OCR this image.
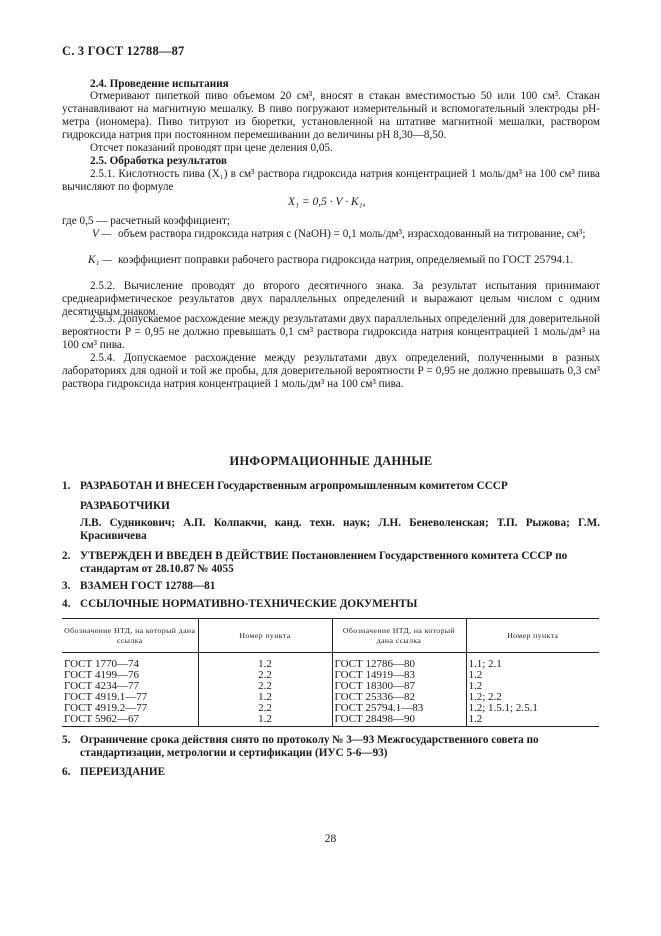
С. 3 ГОСТ 12788—87
2.4. Проведение испытания
Отмеривают пипеткой пиво объемом 20 см³, вносят в стакан вместимостью 50 или 100 см³. Стакан устанавливают на магнитную мешалку. В пиво погружают измерительный и вспомогательный электроды pH-метра (иономера). Пиво титруют из бюретки, установленной на штативе магнитной мешалки, раствором гидроксида натрия при постоянном перемешивании до величины pH 8,30—8,50.
Отсчет показаний проводят при цене деления 0,05.
2.5. Обработка результатов
2.5.1. Кислотность пива (X₁) в см³ раствора гидроксида натрия концентрацией 1 моль/дм³ на 100 см³ пива вычисляют по формуле
X₁ = 0,5 · V · K₁,
где 0,5 — расчетный коэффициент;
V — объем раствора гидроксида натрия с (NaOH) = 0,1 моль/дм³, израсходованный на титрование, см³;
K₁ — коэффициент поправки рабочего раствора гидроксида натрия, определяемый по ГОСТ 25794.1.
2.5.2. Вычисление проводят до второго десятичного знака. За результат испытания принимают среднеарифметическое результатов двух параллельных определений и выражают целым числом с одним десятичным знаком.
2.5.3. Допускаемое расхождение между результатами двух параллельных определений для доверительной вероятности P = 0,95 не должно превышать 0,1 см³ раствора гидроксида натрия концентрацией 1 моль/дм³ на 100 см³ пива.
2.5.4. Допускаемое расхождение между результатами двух определений, полученными в разных лабораториях для одной и той же пробы, для доверительной вероятности P = 0,95 не должно превышать 0,3 см³ раствора гидроксида натрия концентрацией 1 моль/дм³ на 100 см³ пива.
ИНФОРМАЦИОННЫЕ ДАННЫЕ
1. РАЗРАБОТАН И ВНЕСЕН Государственным агропромышленным комитетом СССР
РАЗРАБОТЧИКИ
Л.В. Судникович; А.П. Колпакчи, канд. техн. наук; Л.Н. Беневоленская; Т.П. Рыжова; Г.М. Красивичева
2. УТВЕРЖДЕН И ВВЕДЕН В ДЕЙСТВИЕ Постановлением Государственного комитета СССР по стандартам от 28.10.87 № 4055
3. ВЗАМЕН ГОСТ 12788—81
4. ССЫЛОЧНЫЕ НОРМАТИВНО-ТЕХНИЧЕСКИЕ ДОКУМЕНТЫ
Обозначение НТД, на который дана ссылка	Номер пункта	Обозначение НТД, на который дана ссылка	Номер пункта
ГОСТ 1770—74	1.2	ГОСТ 12786—80	1.1; 2.1
ГОСТ 4199—76	2.2	ГОСТ 14919—83	1.2
ГОСТ 4234—77	2.2	ГОСТ 18300—87	1.2
ГОСТ 4919.1—77	1.2	ГОСТ 25336—82	1.2; 2.2
ГОСТ 4919.2—77	2.2	ГОСТ 25794.1—83	1.2; 1.5.1; 2.5.1
ГОСТ 5962—67	1.2	ГОСТ 28498—90	1.2
5. Ограничение срока действия снято по протоколу № 3—93 Межгосударственного совета по стандартизации, метрологии и сертификации (ИУС 5-6—93)
6. ПЕРЕИЗДАНИЕ
28
